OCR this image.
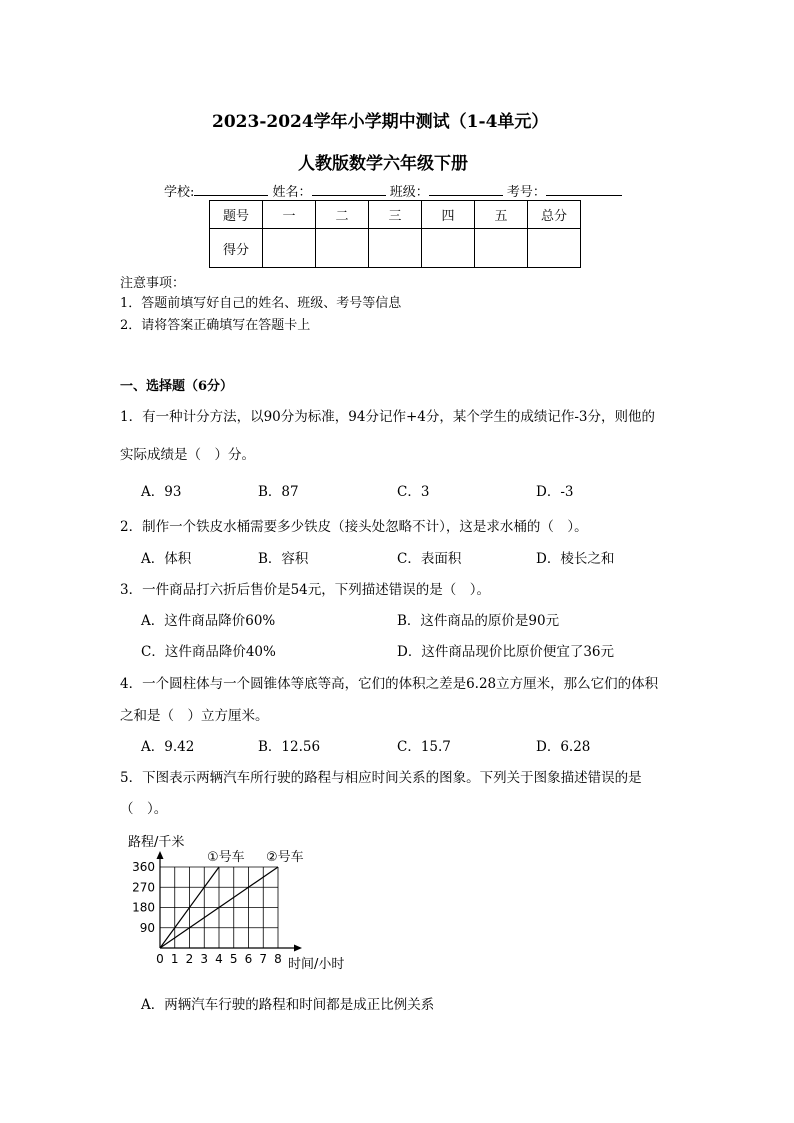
2023-2024学年小学期中测试（1-4单元）
人教版数学六年级下册
学校:	姓名：	班级：	考号：
题号	一	二	三	四	五	总分
得分						
注意事项：
1．答题前填写好自己的姓名、班级、考号等信息
2．请将答案正确填写在答题卡上
一、选择题（6分）
1．有一种计分方法，以90分为标准，94分记作+4分，某个学生的成绩记作-3分，则他的
实际成绩是（　）分。
A．93	B．87	C．3	D．-3
2．制作一个铁皮水桶需要多少铁皮（接头处忽略不计），这是求水桶的（　）。
A．体积	B．容积	C．表面积	D．棱长之和
3．一件商品打六折后售价是54元，下列描述错误的是（　）。
A．这件商品降价60%	B．这件商品的原价是90元
C．这件商品降价40%	D．这件商品现价比原价便宜了36元
4．一个圆柱体与一个圆锥体等底等高，它们的体积之差是6.28立方厘米，那么它们的体积
之和是（　）立方厘米。
A．9.42	B．12.56	C．15.7	D．6.28
5．下图表示两辆汽车所行驶的路程与相应时间关系的图象。下列关于图象描述错误的是
（　）。
路程/千米
时间/小时
0 1 2 3 4 5 6 7 8
90
180
270
360
①号车 ②号车
A．两辆汽车行驶的路程和时间都是成正比例关系
